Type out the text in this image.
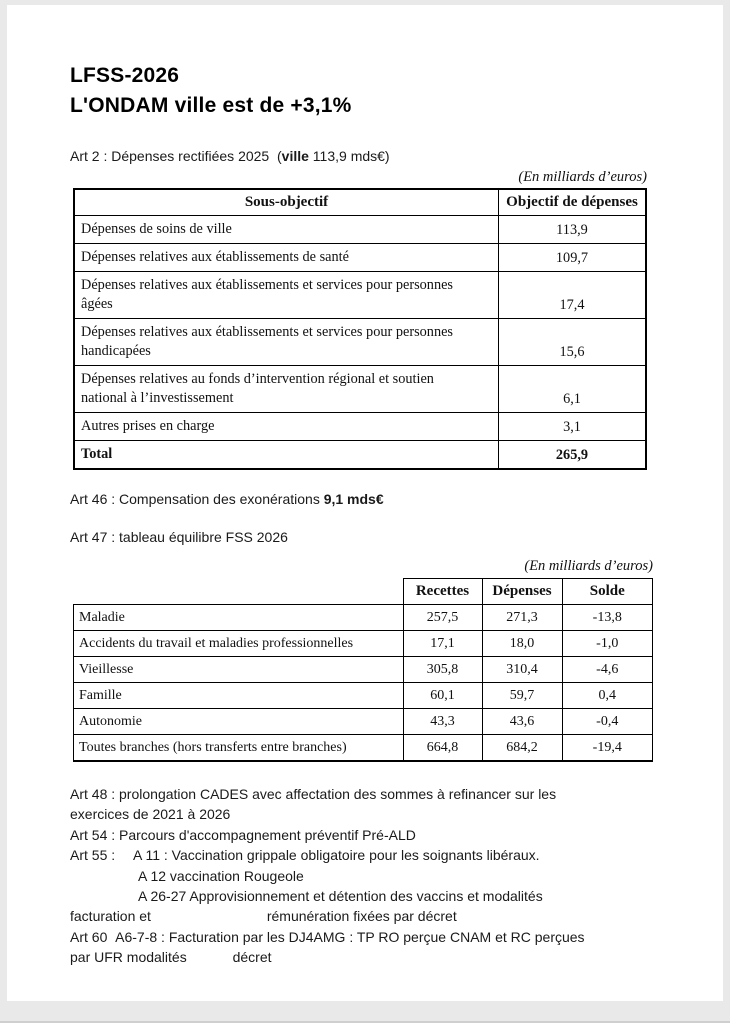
LFSS-2026
L'ONDAM ville est de +3,1%

Art 2 : Dépenses rectifiées 2025  (ville 113,9 mds€)

(En milliards d’euros)
Sous-objectif	Objectif de dépenses

Dépenses de soins de ville	113,9

Dépenses relatives aux établissements de santé	109,7

Dépenses relatives aux établissements et services pour personnes âgées	17,4

Dépenses relatives aux établissements et services pour personnes handicapées	15,6

Dépenses relatives au fonds d’intervention régional et soutien national à l’investissement	6,1

Autres prises en charge	3,1

Total	265,9

Art 46 : Compensation des exonérations 9,1 mds€

Art 47 : tableau équilibre FSS 2026

(En milliards d’euros)
	Recettes	Dépenses	Solde

Maladie	257,5	271,3	-13,8

Accidents du travail et maladies professionnelles	17,1	18,0	-1,0

Vieillesse	305,8	310,4	-4,6

Famille	60,1	59,7	0,4

Autonomie	43,3	43,6	-0,4

Toutes branches (hors transferts entre branches)	664,8	684,2	-19,4

Art 48 : prolongation CADES avec affectation des sommes à refinancer sur les

exercices de 2021 à 2026

Art 54 : Parcours d'accompagnement préventif Pré-ALD

Art 55 :  A 11 : Vaccination grippale obligatoire pour les soignants libéraux.

A 12 vaccination Rougeole

A 26-27 Approvisionnement et détention des vaccins et modalités

facturation et         rémunération fixées par décret

Art 60  A6-7-8 : Facturation par les DJ4AMG : TP RO perçue CNAM et RC perçues

par UFR modalités    décret
